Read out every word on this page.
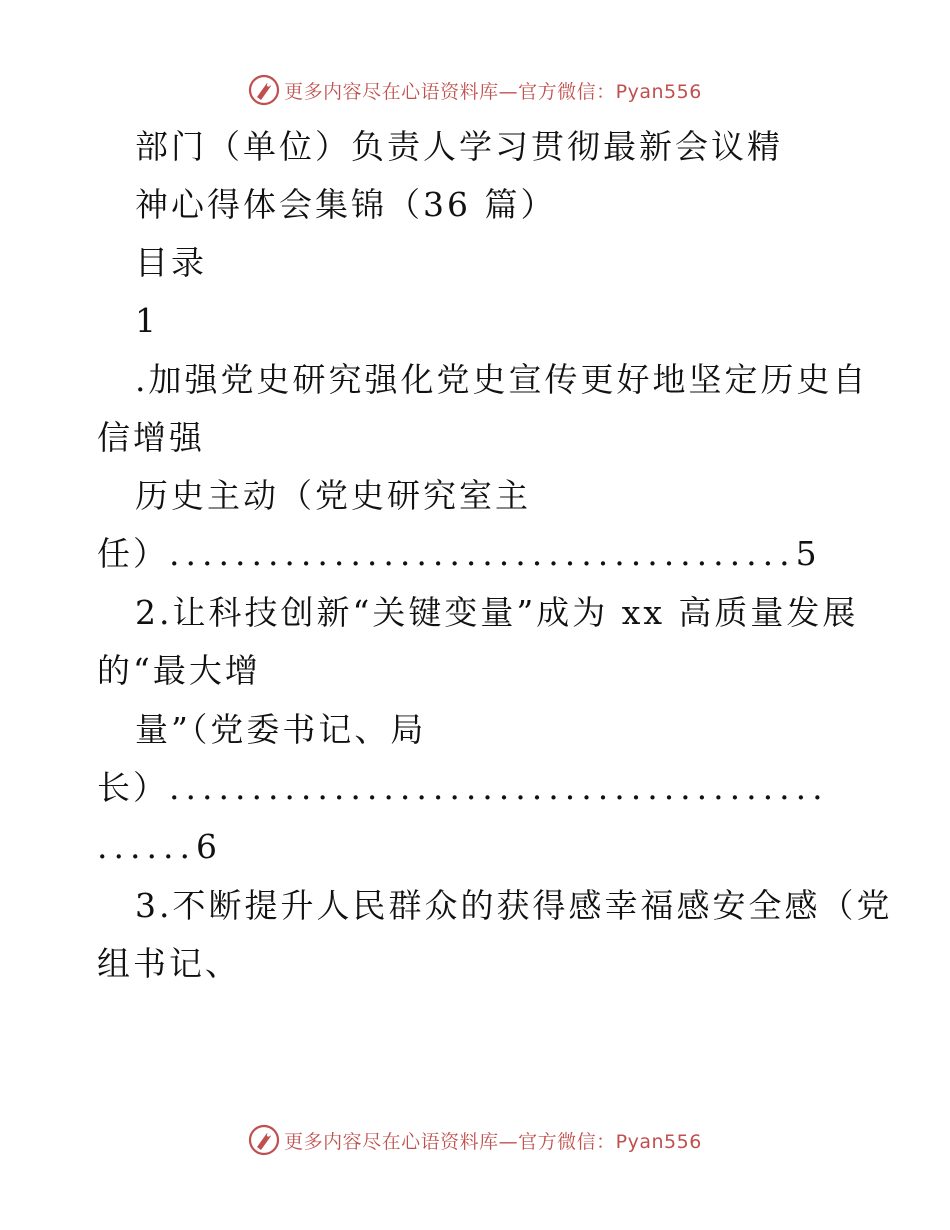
更多内容尽在心语资料库—官方微信：Pyan556
部门（单位）负责人学习贯彻最新会议精
神心得体会集锦（36 篇）
目录
1
.加强党史研究强化党史宣传更好地坚定历史自
信增强
历史主动（党史研究室主
任）......................................5
2.让科技创新“关键变量”成为 xx 高质量发展
的“最大增
量”（党委书记、局
长）........................................
......6
3.不断提升人民群众的获得感幸福感安全感（党
组书记、
更多内容尽在心语资料库—官方微信：Pyan556
